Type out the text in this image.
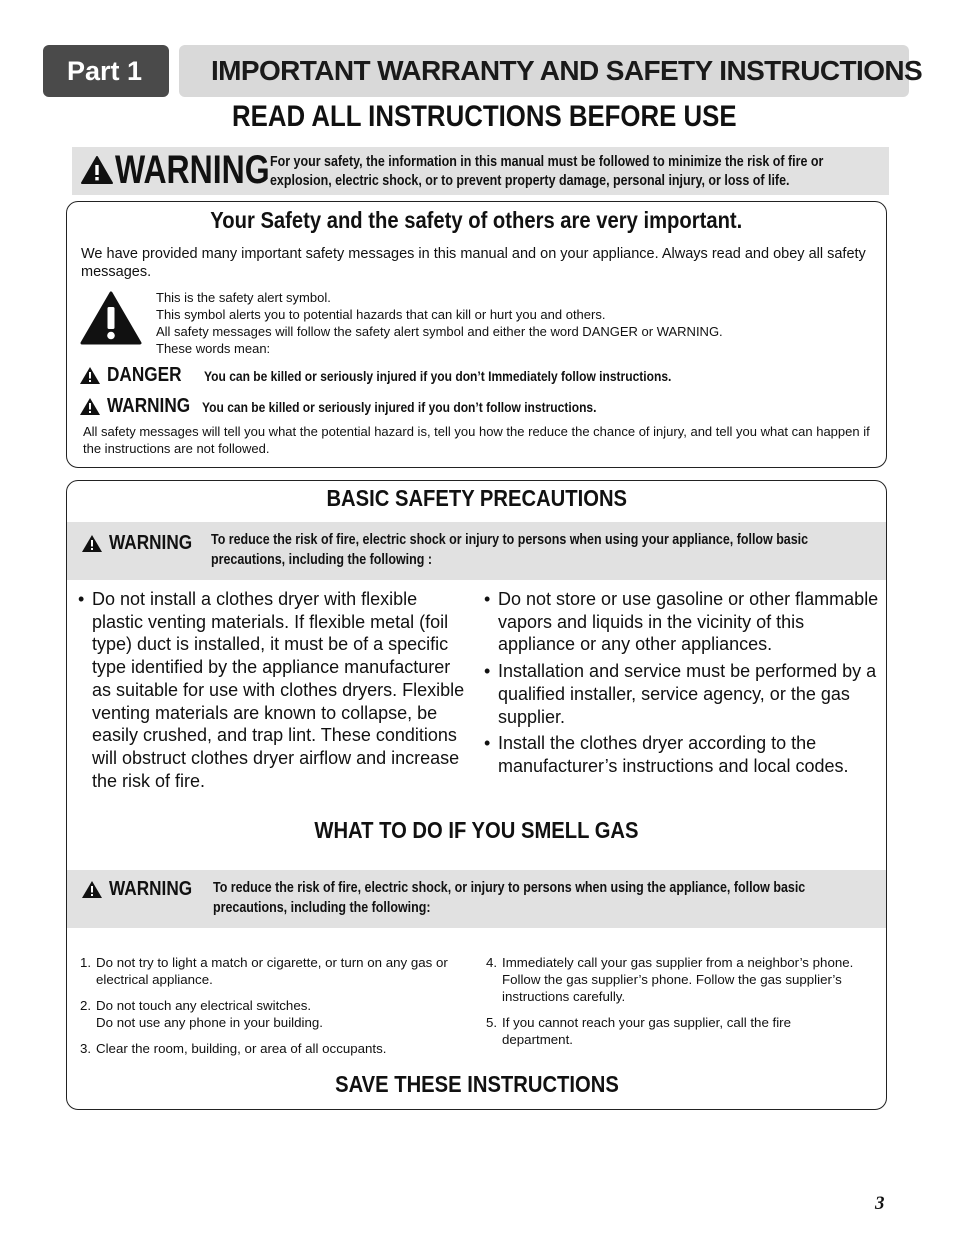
Part 1 IMPORTANT WARRANTY AND SAFETY INSTRUCTIONS
READ ALL INSTRUCTIONS BEFORE USE
WARNING For your safety, the information in this manual must be followed to minimize the risk of fire or explosion, electric shock, or to prevent property damage, personal injury, or loss of life.
Your Safety and the safety of others are very important.
We have provided many important safety messages in this manual and on your appliance. Always read and obey all safety messages.
This is the safety alert symbol.
This symbol alerts you to potential hazards that can kill or hurt you and others.
All safety messages will follow the safety alert symbol and either the word DANGER or WARNING.
These words mean:
DANGER You can be killed or seriously injured if you don’t Immediately follow instructions.
WARNING You can be killed or seriously injured if you don’t follow instructions.
All safety messages will tell you what the potential hazard is, tell you how the reduce the chance of injury, and tell you what can happen if the instructions are not followed.
BASIC SAFETY PRECAUTIONS
WARNING To reduce the risk of fire, electric shock or injury to persons when using your appliance, follow basic precautions, including the following :
• Do not install a clothes dryer with flexible plastic venting materials. If flexible metal (foil type) duct is installed, it must be of a specific type identified by the appliance manufacturer as suitable for use with clothes dryers. Flexible venting materials are known to collapse, be easily crushed, and trap lint. These conditions will obstruct clothes dryer airflow and increase the risk of fire.
• Do not store or use gasoline or other flammable vapors and liquids in the vicinity of this appliance or any other appliances.
• Installation and service must be performed by a qualified installer, service agency, or the gas supplier.
• Install the clothes dryer according to the manufacturer’s instructions and local codes.
WHAT TO DO IF YOU SMELL GAS
WARNING To reduce the risk of fire, electric shock, or injury to persons when using the appliance, follow basic precautions, including the following:
1. Do not try to light a match or cigarette, or turn on any gas or electrical appliance.
2. Do not touch any electrical switches.
Do not use any phone in your building.
3. Clear the room, building, or area of all occupants.
4. Immediately call your gas supplier from a neighbor’s phone. Follow the gas supplier’s phone. Follow the gas supplier’s instructions carefully.
5. If you cannot reach your gas supplier, call the fire department.
SAVE THESE INSTRUCTIONS
3
